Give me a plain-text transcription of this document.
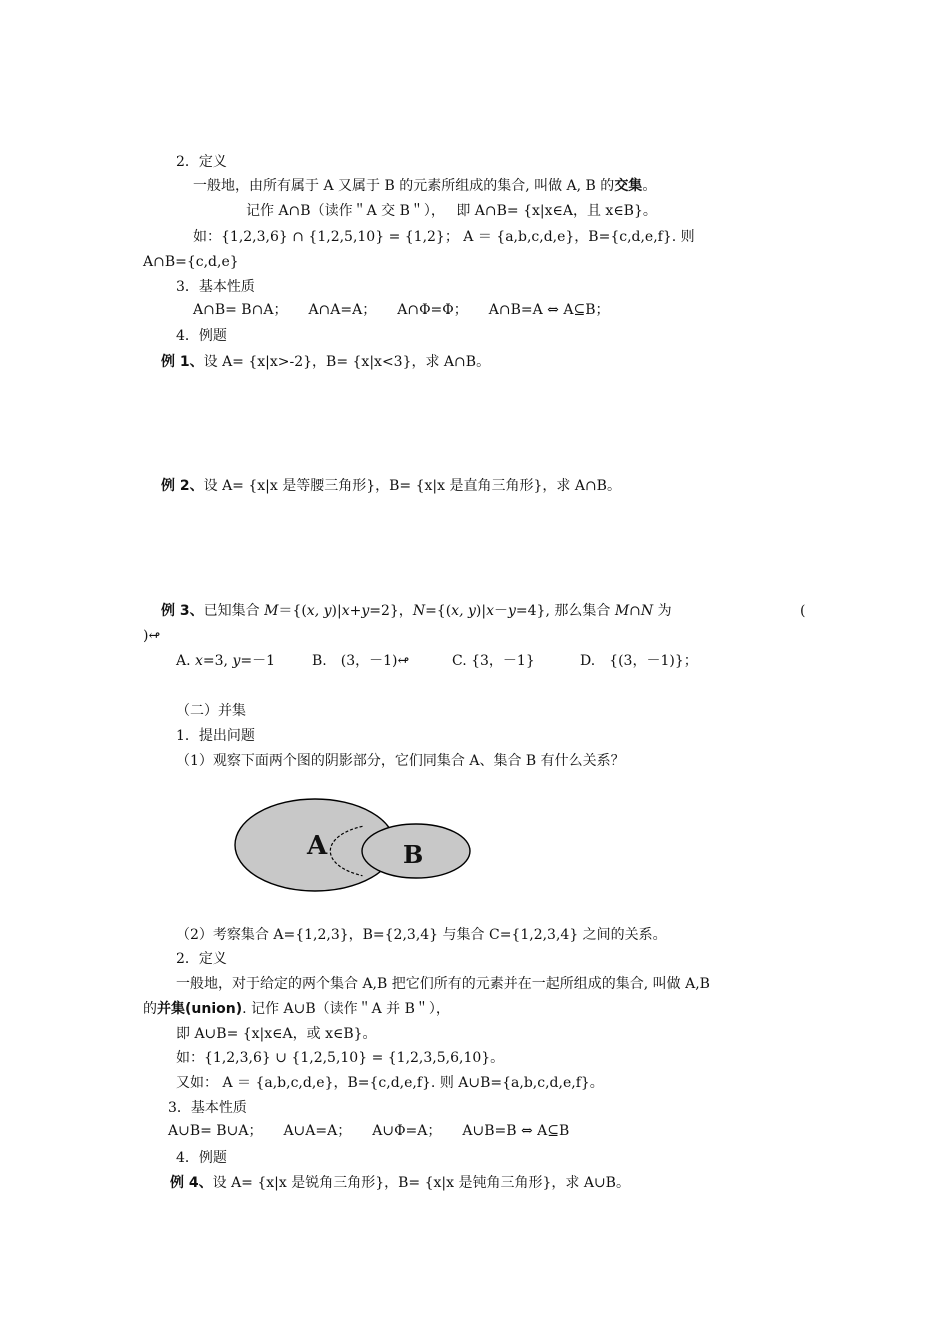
2．定义
一般地，由所有属于 A 又属于 B 的元素所组成的集合, 叫做 A, B 的交集。
记作 A∩B（读作＂A 交 B＂），　 即 A∩B= {x|x∈A，且 x∈B}。
如：{1,2,3,6} ∩ {1,2,5,10} = {1,2}； A ＝ {a,b,c,d,e}，B={c,d,e,f}. 则
A∩B={c,d,e}
3．基本性质
A∩B= B∩A；　　A∩A=A；　　A∩Φ=Φ；　　A∩B=A ⇔ A⊆B；
4．例题
例 1、设 A= {x|x>-2}，B= {x|x<3}，求 A∩B。
例 2、设 A= {x|x 是等腰三角形}，B= {x|x 是直角三角形}，求 A∩B。
例 3、已知集合 M＝{(x, y)|x+y=2}，N={(x, y)|x－y=4}, 那么集合 M∩N 为	(
)↫
A. x=3, y=－1	B.　(3，－1)↫	C. {3，－1}	D.　{(3，－1)}；
（二）并集
1．提出问题
（1）观察下面两个图的阴影部分，它们同集合 A、集合 B 有什么关系？
A	B
（2）考察集合 A={1,2,3}，B={2,3,4} 与集合 C={1,2,3,4} 之间的关系。
2．定义
一般地，对于给定的两个集合 A,B 把它们所有的元素并在一起所组成的集合, 叫做 A,B
的并集(union). 记作 A∪B（读作＂A 并 B＂），
即 A∪B= {x|x∈A，或 x∈B}。
如：{1,2,3,6} ∪ {1,2,5,10} = {1,2,3,5,6,10}。
又如： A ＝ {a,b,c,d,e}，B={c,d,e,f}. 则 A∪B={a,b,c,d,e,f}。
3．基本性质
A∪B= B∪A；　　A∪A=A；　　A∪Φ=A；　　A∪B=B ⇔ A⊆B
4．例题
例 4、设 A= {x|x 是锐角三角形}，B= {x|x 是钝角三角形}，求 A∪B。
